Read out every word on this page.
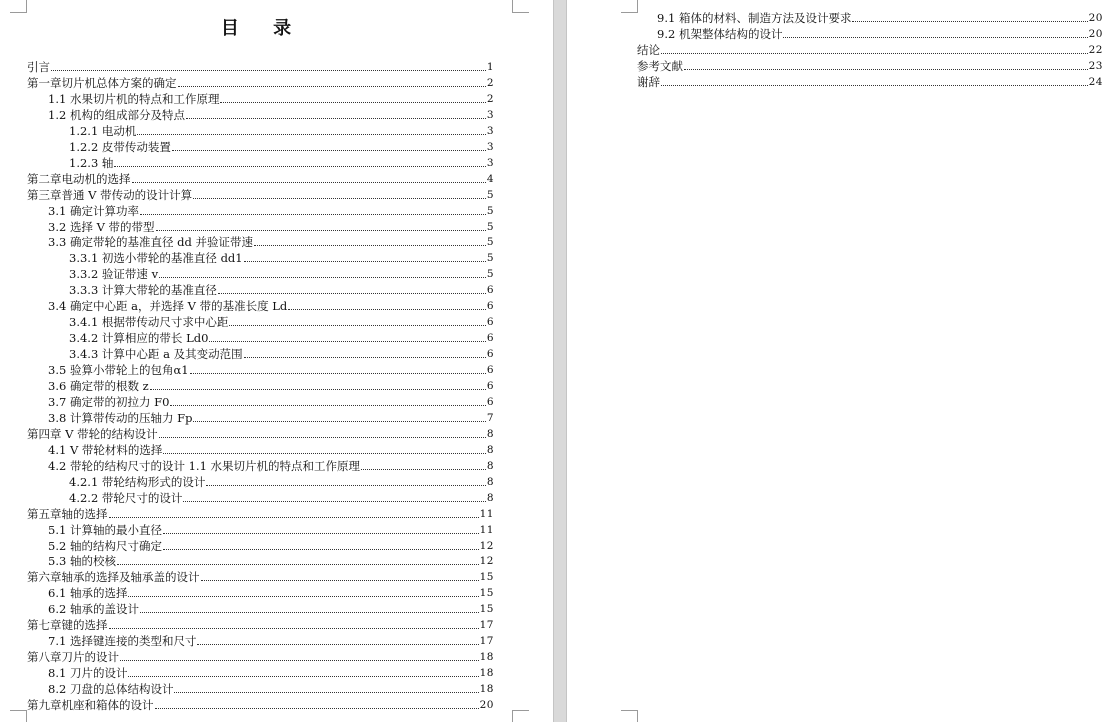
目 录
引言	1
第一章切片机总体方案的确定	2
1.1 水果切片机的特点和工作原理	2
1.2 机构的组成部分及特点	3
1.2.1 电动机	3
1.2.2 皮带传动装置	3
1.2.3 轴	3
第二章电动机的选择	4
第三章普通 V 带传动的设计计算	5
3.1 确定计算功率	5
3.2 选择 V 带的带型	5
3.3 确定带轮的基准直径 dd 并验证带速	5
3.3.1 初选小带轮的基准直径 dd1	5
3.3.2 验证带速 v	5
3.3.3 计算大带轮的基准直径	6
3.4 确定中心距 a，并选择 V 带的基准长度 Ld	6
3.4.1 根据带传动尺寸求中心距	6
3.4.2 计算相应的带长 Ld0	6
3.4.3 计算中心距 a 及其变动范围	6
3.5 验算小带轮上的包角α1	6
3.6 确定带的根数 z	6
3.7 确定带的初拉力 F0	6
3.8 计算带传动的压轴力 Fp	7
第四章 V 带轮的结构设计	8
4.1 V 带轮材料的选择	8
4.2 带轮的结构尺寸的设计 1.1 水果切片机的特点和工作原理	8
4.2.1 带轮结构形式的设计	8
4.2.2 带轮尺寸的设计	8
第五章轴的选择	11
5.1 计算轴的最小直径	11
5.2 轴的结构尺寸确定	12
5.3 轴的校核	12
第六章轴承的选择及轴承盖的设计	15
6.1 轴承的选择	15
6.2 轴承的盖设计	15
第七章键的选择	17
7.1 选择键连接的类型和尺寸	17
第八章刀片的设计	18
8.1 刀片的设计	18
8.2 刀盘的总体结构设计	18
第九章机座和箱体的设计	20
9.1 箱体的材料、制造方法及设计要求	20
9.2 机架整体结构的设计	20
结论	22
参考文献	23
谢辞	24
